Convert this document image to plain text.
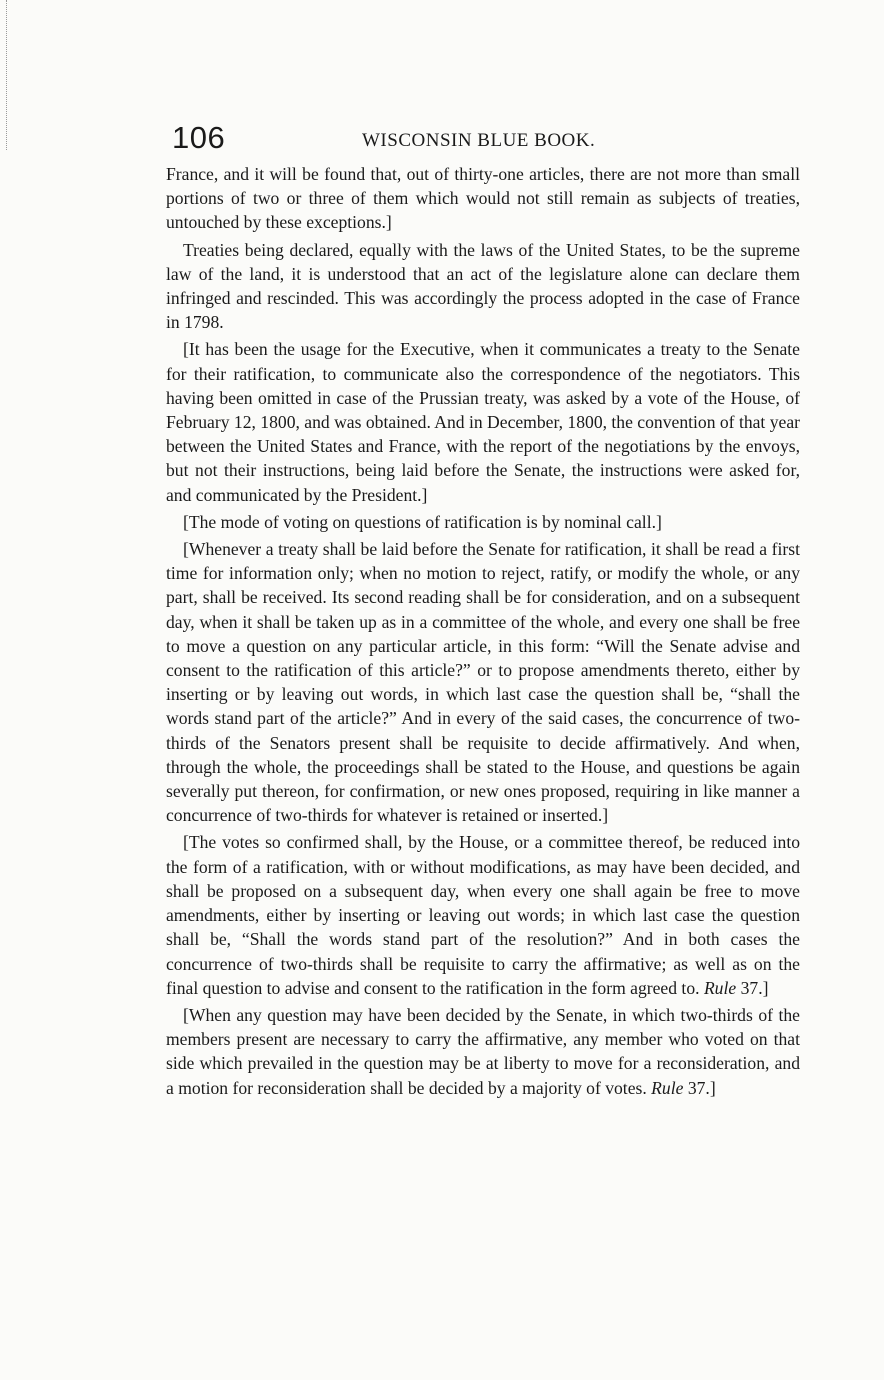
106	WISCONSIN BLUE BOOK.

France, and it will be found that, out of thirty-one articles, there are not more than small portions of two or three of them which would not still remain as subjects of treaties, untouched by these exceptions.]

Treaties being declared, equally with the laws of the United States, to be the supreme law of the land, it is understood that an act of the legislature alone can declare them infringed and rescinded. This was accordingly the process adopted in the case of France in 1798.

[It has been the usage for the Executive, when it communicates a treaty to the Senate for their ratification, to communicate also the correspondence of the negotiators. This having been omitted in case of the Prussian treaty, was asked by a vote of the House, of February 12, 1800, and was obtained. And in December, 1800, the convention of that year between the United States and France, with the report of the negotiations by the envoys, but not their instructions, being laid before the Senate, the instructions were asked for, and communicated by the President.]

[The mode of voting on questions of ratification is by nominal call.]

[Whenever a treaty shall be laid before the Senate for ratification, it shall be read a first time for information only; when no motion to reject, ratify, or modify the whole, or any part, shall be received. Its second reading shall be for consideration, and on a subsequent day, when it shall be taken up as in a committee of the whole, and every one shall be free to move a question on any particular article, in this form: “Will the Senate advise and consent to the ratification of this article?” or to propose amendments thereto, either by inserting or by leaving out words, in which last case the question shall be, “shall the words stand part of the article?” And in every of the said cases, the concurrence of two-thirds of the Senators present shall be requisite to decide affirmatively. And when, through the whole, the proceedings shall be stated to the House, and questions be again severally put thereon, for confirmation, or new ones proposed, requiring in like manner a concurrence of two-thirds for whatever is retained or inserted.]

[The votes so confirmed shall, by the House, or a committee thereof, be reduced into the form of a ratification, with or without modifications, as may have been decided, and shall be proposed on a subsequent day, when every one shall again be free to move amendments, either by inserting or leaving out words; in which last case the question shall be, “Shall the words stand part of the resolution?” And in both cases the concurrence of two-thirds shall be requisite to carry the affirmative; as well as on the final question to advise and consent to the ratification in the form agreed to. Rule 37.]

[When any question may have been decided by the Senate, in which two-thirds of the members present are necessary to carry the affirmative, any member who voted on that side which prevailed in the question may be at liberty to move for a reconsideration, and a motion for reconsideration shall be decided by a majority of votes. Rule 37.]
